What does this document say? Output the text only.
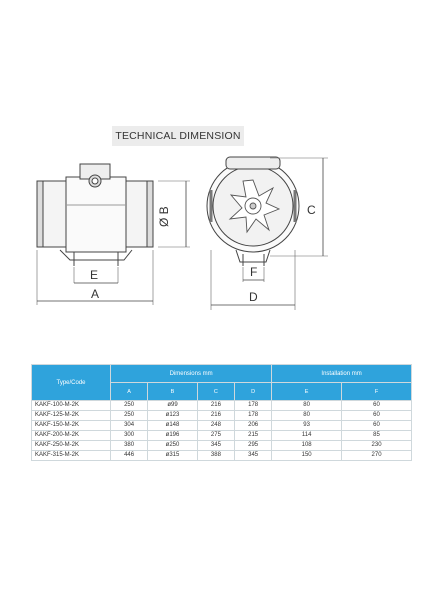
TECHNICAL DIMENSION
Ø B
E
A
C
F
D
Type/Code	Dimensions mm				Installation mm	
	A	B	C	D	E	F
KAKF-100-M-2K	250	ø99	216	178	80	60
KAKF-125-M-2K	250	ø123	216	178	80	60
KAKF-150-M-2K	304	ø148	248	206	93	60
KAKF-200-M-2K	300	ø196	275	215	114	85
KAKF-250-M-2K	380	ø250	345	295	108	230
KAKF-315-M-2K	446	ø315	388	345	150	270
